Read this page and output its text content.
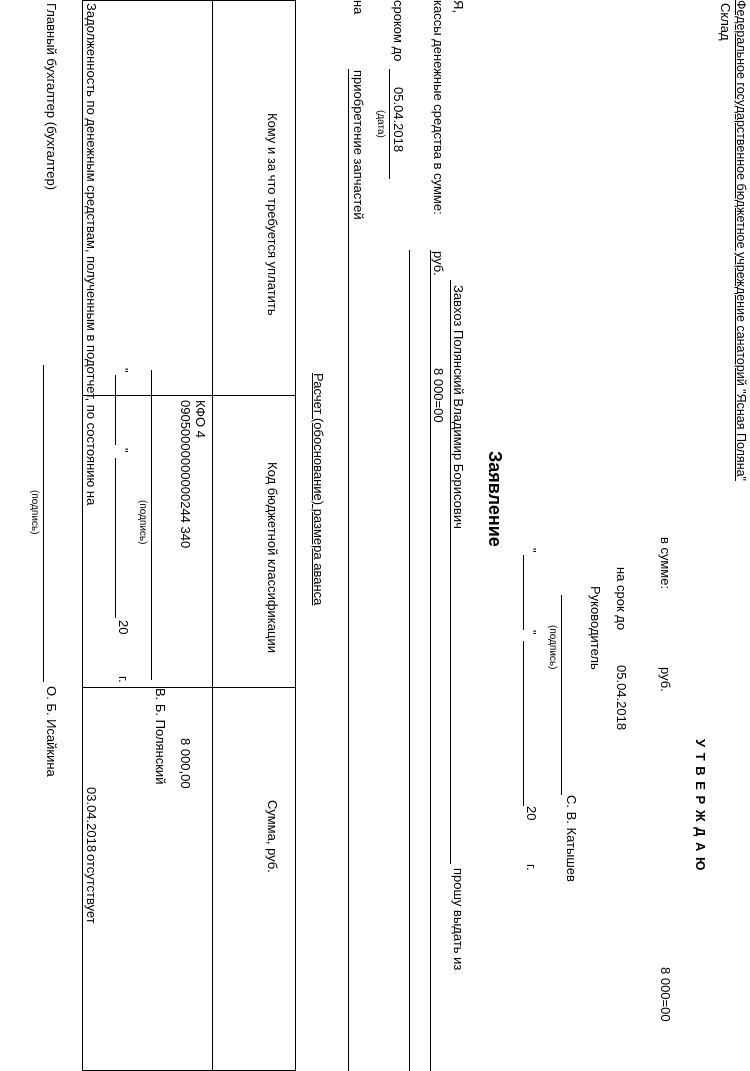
Федеральное государственное бюджетное учреждение санаторий "Ясная Поляна"
Склад
У Т В Е Р Ж Д А Ю
в сумме:
руб.
8 000=00
на срок до
05.04.2018
Руководитель
С. В. Катышев
(подпись)
"
"
20
г.
Заявление
Я,
Завхоз Полянский Владимир Борисович
прошу выдать из
кассы денежные средства в сумме:
руб.
8 000=00
сроком до
05.04.2018
(дата)
на
приобретение запчастей
Расчет (обоснование) размера аванса
Кому и за что требуется уплатить
Код бюджетной классификации
Сумма, руб.
КФО 4
09050000000000244 340
8 000,00
В. Б. Полянский
(подпись)
"
"
20
г.
Задолженность по денежным средствам, полученным в подотчет, по состоянию на
03.04.2018
отсутствует
Главный бухгалтер (бухгалтер)
О. Б. Исайкина
(подпись)
